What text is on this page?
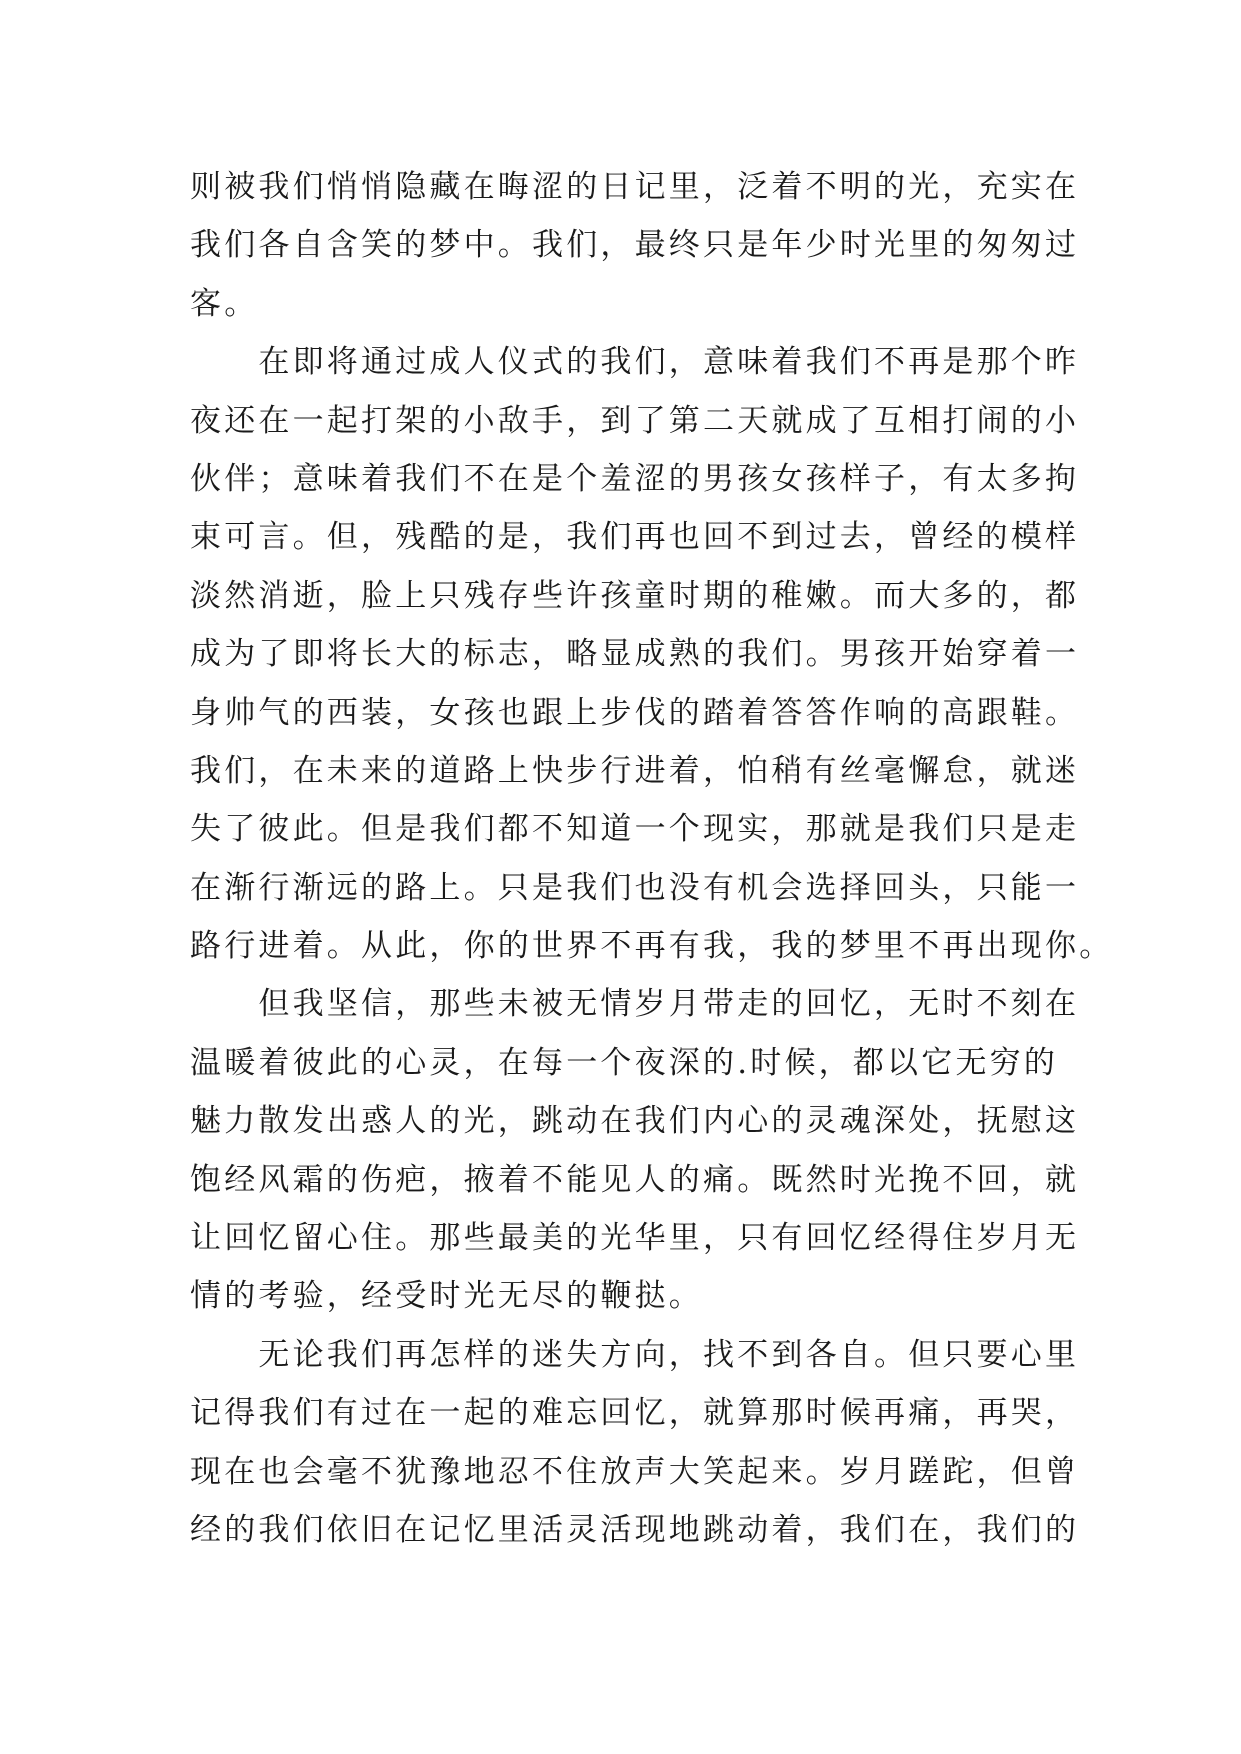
则被我们悄悄隐藏在晦涩的日记里，泛着不明的光，充实在
我们各自含笑的梦中。我们，最终只是年少时光里的匆匆过
客。
　　在即将通过成人仪式的我们，意味着我们不再是那个昨
夜还在一起打架的小敌手，到了第二天就成了互相打闹的小
伙伴；意味着我们不在是个羞涩的男孩女孩样子，有太多拘
束可言。但，残酷的是，我们再也回不到过去，曾经的模样
淡然消逝，脸上只残存些许孩童时期的稚嫩。而大多的，都
成为了即将长大的标志，略显成熟的我们。男孩开始穿着一
身帅气的西装，女孩也跟上步伐的踏着答答作响的高跟鞋。
我们，在未来的道路上快步行进着，怕稍有丝毫懈怠，就迷
失了彼此。但是我们都不知道一个现实，那就是我们只是走
在渐行渐远的路上。只是我们也没有机会选择回头，只能一
路行进着。从此，你的世界不再有我，我的梦里不再出现你。
　　但我坚信，那些未被无情岁月带走的回忆，无时不刻在
温暖着彼此的心灵，在每一个夜深的.时候，都以它无穷的
魅力散发出惑人的光，跳动在我们内心的灵魂深处，抚慰这
饱经风霜的伤疤，掖着不能见人的痛。既然时光挽不回，就
让回忆留心住。那些最美的光华里，只有回忆经得住岁月无
情的考验，经受时光无尽的鞭挞。
　　无论我们再怎样的迷失方向，找不到各自。但只要心里
记得我们有过在一起的难忘回忆，就算那时候再痛，再哭，
现在也会毫不犹豫地忍不住放声大笑起来。岁月蹉跎，但曾
经的我们依旧在记忆里活灵活现地跳动着，我们在，我们的
